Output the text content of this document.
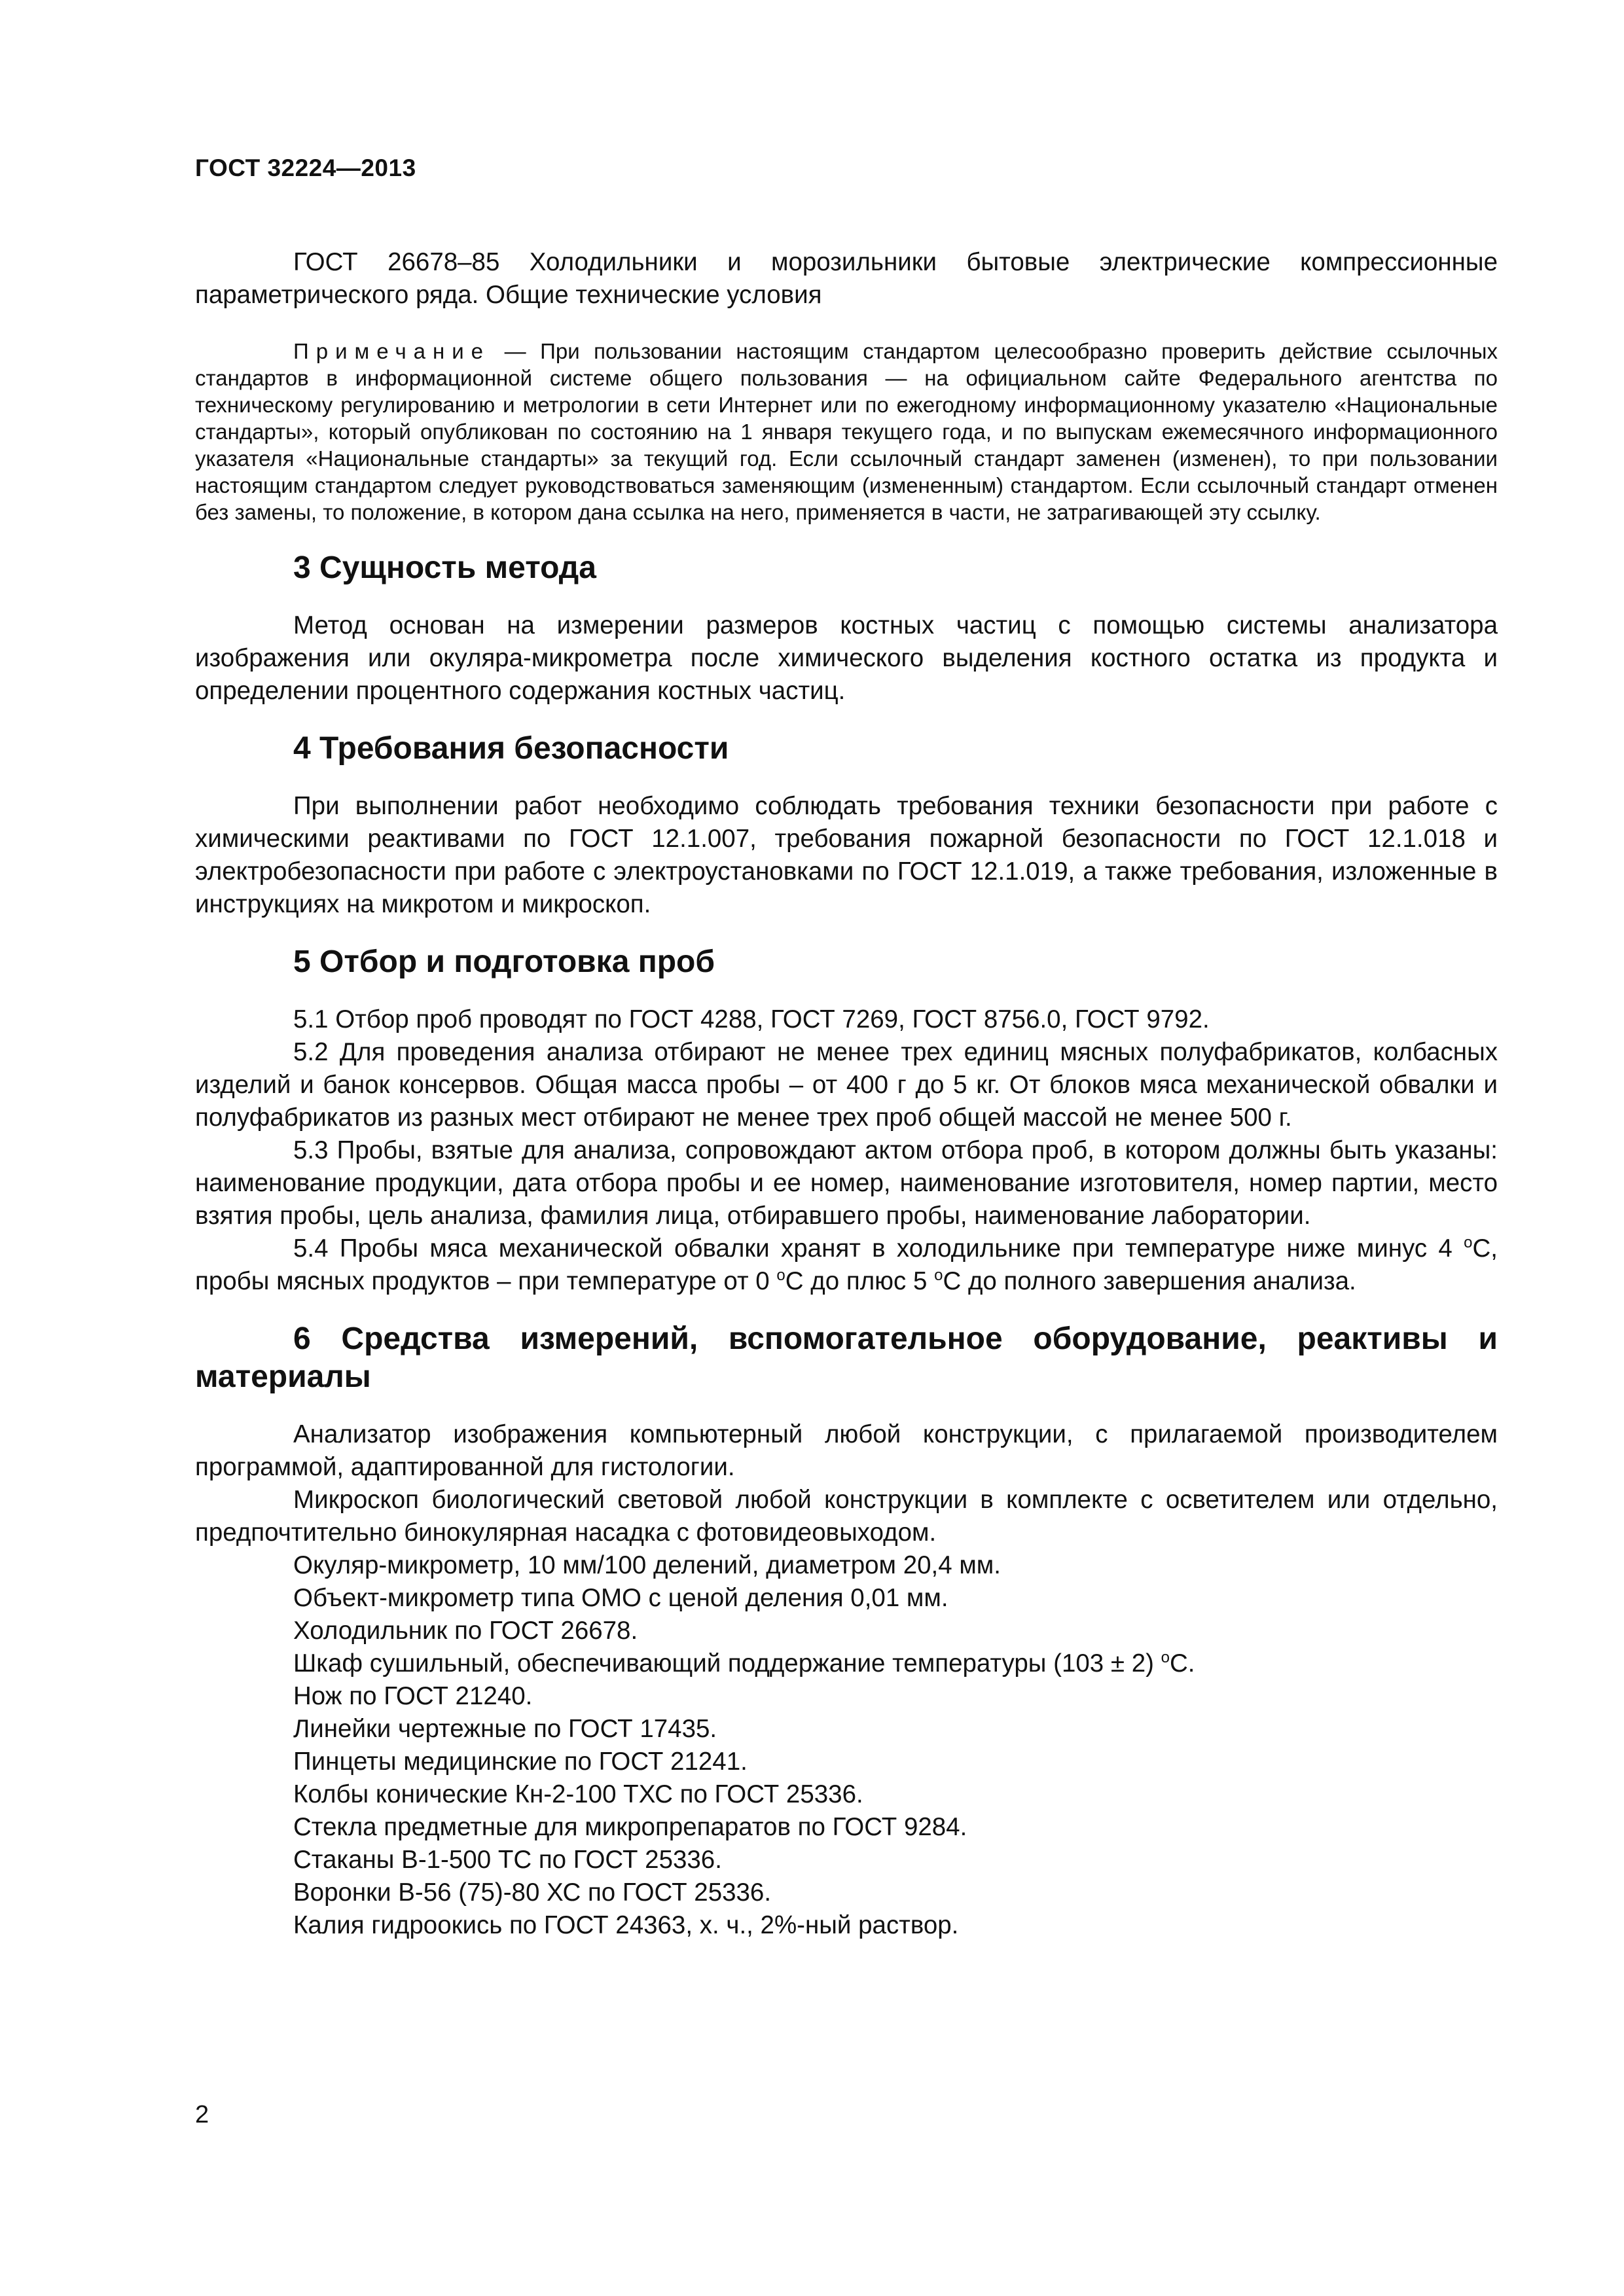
ГОСТ 32224—2013

ГОСТ 26678–85 Холодильники и морозильники бытовые электрические компрессионные параметрического ряда. Общие технические условия

Примечание — При пользовании настоящим стандартом целесообразно проверить действие ссылочных стандартов в информационной системе общего пользования — на официальном сайте Федерального агентства по техническому регулированию и метрологии в сети Интернет или по ежегодному информационному указателю «Национальные стандарты», который опубликован по состоянию на 1 января текущего года, и по выпускам ежемесячного информационного указателя «Национальные стандарты» за текущий год. Если ссылочный стандарт заменен (изменен), то при пользовании настоящим стандартом следует руководствоваться заменяющим (измененным) стандартом. Если ссылочный стандарт отменен без замены, то положение, в котором дана ссылка на него, применяется в части, не затрагивающей эту ссылку.

3 Сущность метода

Метод основан на измерении размеров костных частиц с помощью системы анализатора изображения или окуляра-микрометра после химического выделения костного остатка из продукта и определении процентного содержания костных частиц.

4 Требования безопасности

При выполнении работ необходимо соблюдать требования техники безопасности при работе с химическими реактивами по ГОСТ 12.1.007, требования пожарной безопасности по ГОСТ 12.1.018 и электробезопасности при работе с электроустановками по ГОСТ 12.1.019, а также требования, изложенные в инструкциях на микротом и микроскоп.

5 Отбор и подготовка проб

5.1 Отбор проб проводят по ГОСТ 4288, ГОСТ 7269, ГОСТ 8756.0, ГОСТ 9792.

5.2 Для проведения анализа отбирают не менее трех единиц мясных полуфабрикатов, колбасных изделий и банок консервов. Общая масса пробы – от 400 г до 5 кг. От блоков мяса механической обвалки и полуфабрикатов из разных мест отбирают не менее трех проб общей массой не менее 500 г.

5.3 Пробы, взятые для анализа, сопровождают актом отбора проб, в котором должны быть указаны: наименование продукции, дата отбора пробы и ее номер, наименование изготовителя, номер партии, место взятия пробы, цель анализа, фамилия лица, отбиравшего пробы, наименование лаборатории.

5.4 Пробы мяса механической обвалки хранят в холодильнике при температуре ниже минус 4 $^о$С, пробы мясных продуктов – при температуре от 0 $^о$С до плюс 5 $^о$С до полного завершения анализа.

6 Средства измерений, вспомогательное оборудование, реактивы и материалы

Анализатор изображения компьютерный любой конструкции, с прилагаемой производителем программой, адаптированной для гистологии.

Микроскоп биологический световой любой конструкции в комплекте с осветителем или отдельно, предпочтительно бинокулярная насадка с фотовидеовыходом.

Окуляр-микрометр, 10 мм/100 делений, диаметром 20,4 мм.

Объект-микрометр типа ОМО с ценой деления 0,01 мм.

Холодильник по ГОСТ 26678.

Шкаф сушильный, обеспечивающий поддержание температуры (103 ± 2) $^о$С.

Нож по ГОСТ 21240.

Линейки чертежные по ГОСТ 17435.

Пинцеты медицинские по ГОСТ 21241.

Колбы конические Кн-2-100 ТХС по ГОСТ 25336.

Стекла предметные для микропрепаратов по ГОСТ 9284.

Стаканы В-1-500 ТС по ГОСТ 25336.

Воронки В-56 (75)-80 ХС по ГОСТ 25336.

Калия гидроокись по ГОСТ 24363, х. ч., 2%-ный раствор.

2
